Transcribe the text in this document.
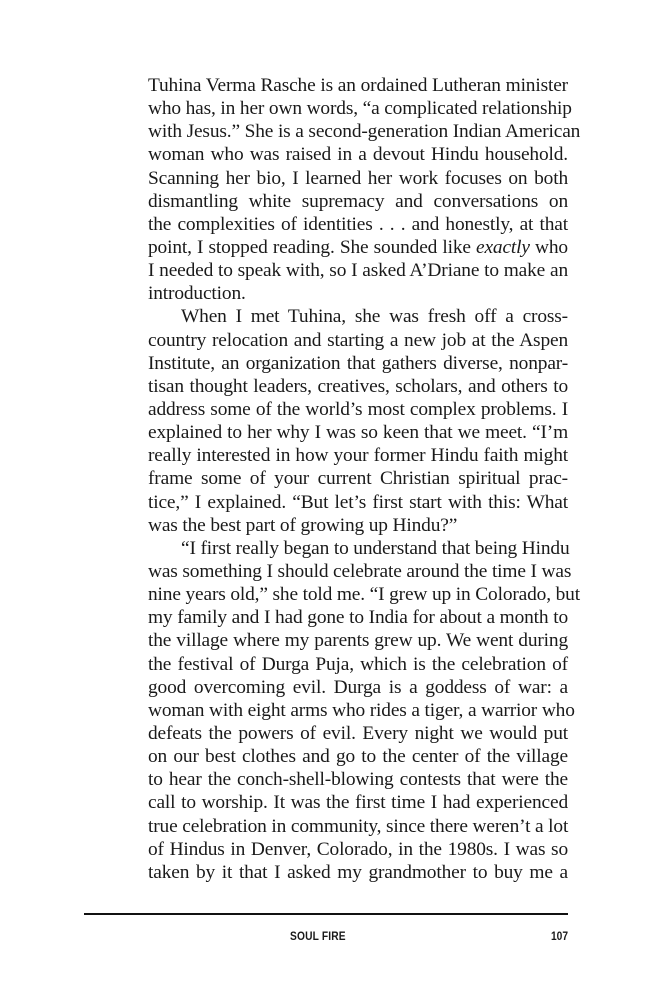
Tuhina Verma Rasche is an ordained Lutheran minister
who has, in her own words, “a complicated relationship
with Jesus.” She is a second-generation Indian American
woman who was raised in a devout Hindu household.
Scanning her bio, I learned her work focuses on both
dismantling white supremacy and conversations on
the complexities of identities . . . and honestly, at that
point, I stopped reading. She sounded like exactly who
I needed to speak with, so I asked A’Driane to make an
introduction.
When I met Tuhina, she was fresh off a cross-
country relocation and starting a new job at the Aspen
Institute, an organization that gathers diverse, nonpar-
tisan thought leaders, creatives, scholars, and others to
address some of the world’s most complex problems. I
explained to her why I was so keen that we meet. “I’m
really interested in how your former Hindu faith might
frame some of your current Christian spiritual prac-
tice,” I explained. “But let’s first start with this: What
was the best part of growing up Hindu?”
“I first really began to understand that being Hindu
was something I should celebrate around the time I was
nine years old,” she told me. “I grew up in Colorado, but
my family and I had gone to India for about a month to
the village where my parents grew up. We went during
the festival of Durga Puja, which is the celebration of
good overcoming evil. Durga is a goddess of war: a
woman with eight arms who rides a tiger, a warrior who
defeats the powers of evil. Every night we would put
on our best clothes and go to the center of the village
to hear the conch-shell-blowing contests that were the
call to worship. It was the first time I had experienced
true celebration in community, since there weren’t a lot
of Hindus in Denver, Colorado, in the 1980s. I was so
taken by it that I asked my grandmother to buy me a
SOUL FIRE	107
